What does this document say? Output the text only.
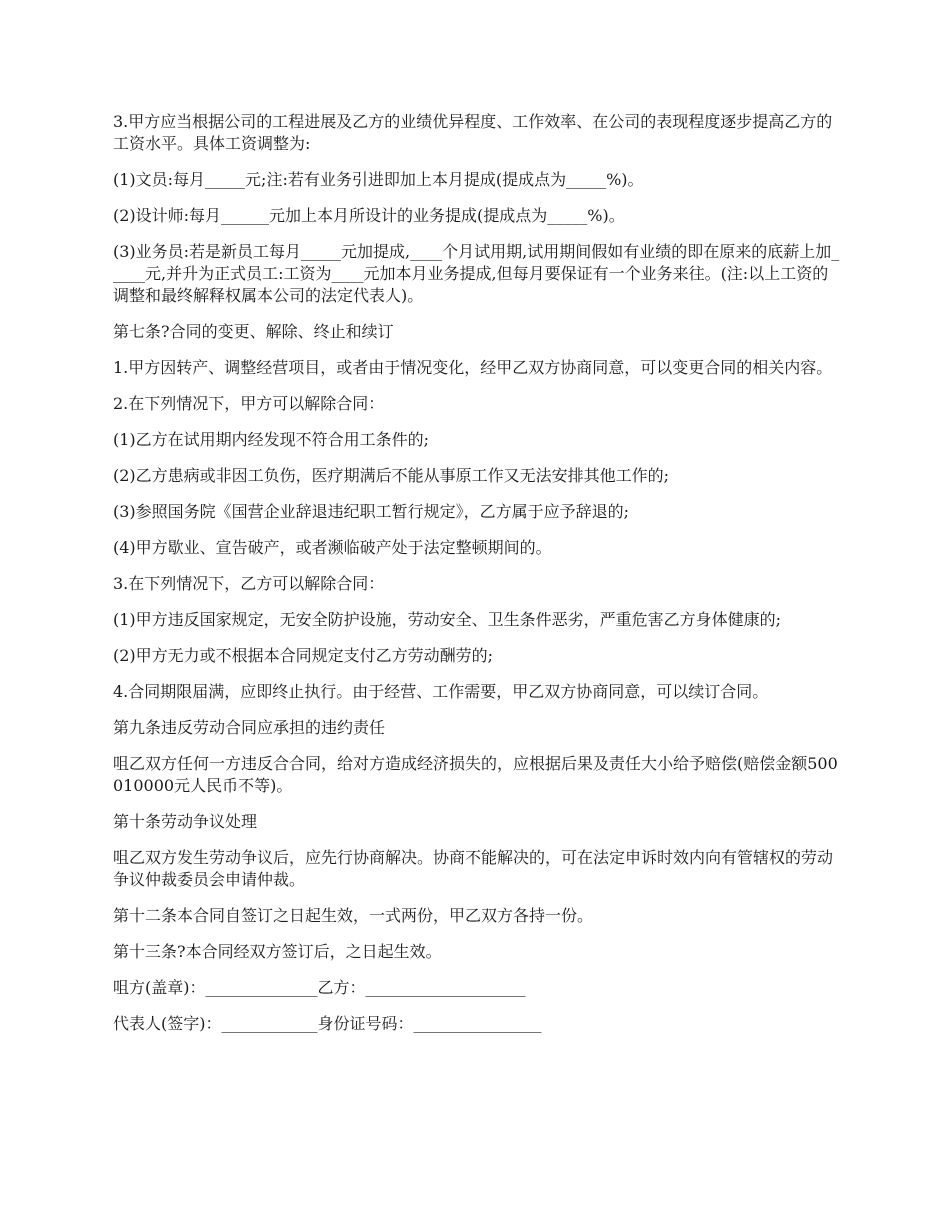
3.甲方应当根据公司的工程进展及乙方的业绩优异程度、工作效率、在公司的表现程度逐步提高乙方的工资水平。具体工资调整为:

(1)文员:每月_____元;注:若有业务引进即加上本月提成(提成点为_____%)。

(2)设计师:每月______元加上本月所设计的业务提成(提成点为_____%)。

(3)业务员:若是新员工每月_____元加提成,____个月试用期,试用期间假如有业绩的即在原来的底薪上加_____元,并升为正式员工:工资为____元加本月业务提成,但每月要保证有一个业务来往。(注:以上工资的调整和最终解释权属本公司的法定代表人)。

第七条?合同的变更、解除、终止和续订

1.甲方因转产、调整经营项目，或者由于情况变化，经甲乙双方协商同意，可以变更合同的相关内容。

2.在下列情况下，甲方可以解除合同：

(1)乙方在试用期内经发现不符合用工条件的;

(2)乙方患病或非因工负伤，医疗期满后不能从事原工作又无法安排其他工作的;

(3)参照国务院《国营企业辞退违纪职工暂行规定》，乙方属于应予辞退的;

(4)甲方歇业、宣告破产，或者濒临破产处于法定整顿期间的。

3.在下列情况下，乙方可以解除合同：

(1)甲方违反国家规定，无安全防护设施，劳动安全、卫生条件恶劣，严重危害乙方身体健康的;

(2)甲方无力或不根据本合同规定支付乙方劳动酬劳的;

4.合同期限届满，应即终止执行。由于经营、工作需要，甲乙双方协商同意，可以续订合同。

第九条违反劳动合同应承担的违约责任

咀乙双方任何一方违反合合同，给对方造成经济损失的，应根据后果及责任大小给予赔偿(赔偿金额500010000元人民币不等)。

第十条劳动争议处理

咀乙双方发生劳动争议后，应先行协商解决。协商不能解决的，可在法定申诉时效内向有管辖权的劳动争议仲裁委员会申请仲裁。

第十二条本合同自签订之日起生效，一式两份，甲乙双方各持一份。

第十三条?本合同经双方签订后，之日起生效。

咀方(盖章)：______________乙方：____________________

代表人(签字)：____________身份证号码：________________
